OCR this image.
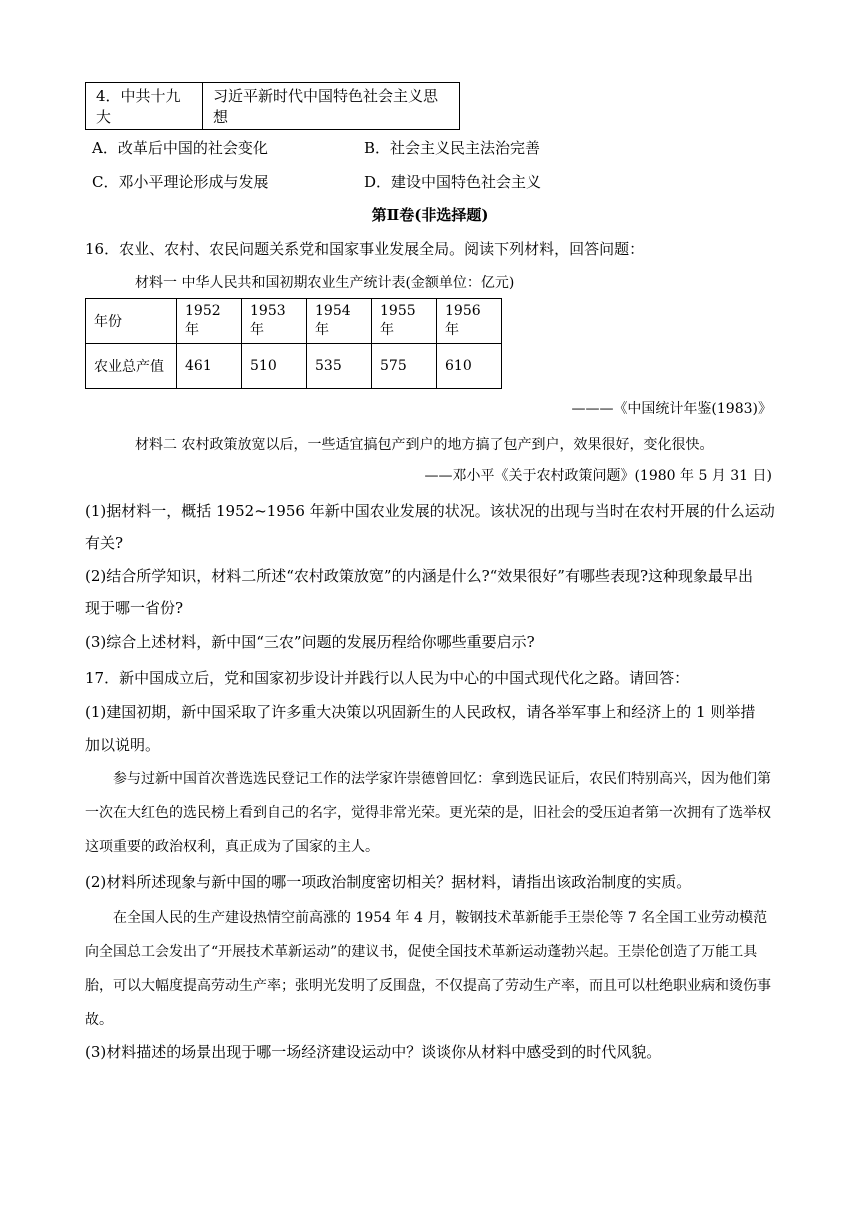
4．中共十九大	习近平新时代中国特色社会主义思想
A．改革后中国的社会变化	B．社会主义民主法治完善
C．邓小平理论形成与发展	D．建设中国特色社会主义
第Ⅱ卷(非选择题)
16．农业、农村、农民问题关系党和国家事业发展全局。阅读下列材料，回答问题：
材料一 中华人民共和国初期农业生产统计表(金额单位：亿元)
年份	1952 年	1953 年	1954 年	1955 年	1956 年
农业总产值	461	510	535	575	610
———《中国统计年鉴(1983)》
材料二 农村政策放宽以后，一些适宜搞包产到户的地方搞了包产到户，效果很好，变化很快。
——邓小平《关于农村政策问题》(1980 年 5 月 31 日)
(1)据材料一，概括 1952~1956 年新中国农业发展的状况。该状况的出现与当时在农村开展的什么运动
有关?
(2)结合所学知识，材料二所述“农村政策放宽”的内涵是什么?“效果很好”有哪些表现?这种现象最早出
现于哪一省份?
(3)综合上述材料，新中国“三农”问题的发展历程给你哪些重要启示?
17．新中国成立后，党和国家初步设计并践行以人民为中心的中国式现代化之路。请回答：
(1)建国初期，新中国采取了许多重大决策以巩固新生的人民政权，请各举军事上和经济上的 1 则举措
加以说明。
参与过新中国首次普选选民登记工作的法学家许崇德曾回忆：拿到选民证后，农民们特别高兴，因为他们第一次在大红色的选民榜上看到自己的名字，觉得非常光荣。更光荣的是，旧社会的受压迫者第一次拥有了选举权这项重要的政治权利，真正成为了国家的主人。
(2)材料所述现象与新中国的哪一项政治制度密切相关？据材料，请指出该政治制度的实质。
在全国人民的生产建设热情空前高涨的 1954 年 4 月，鞍钢技术革新能手王崇伦等 7 名全国工业劳动模范向全国总工会发出了“开展技术革新运动”的建议书，促使全国技术革新运动蓬勃兴起。王崇伦创造了万能工具胎，可以大幅度提高劳动生产率；张明光发明了反围盘，不仅提高了劳动生产率，而且可以杜绝职业病和烫伤事故。
(3)材料描述的场景出现于哪一场经济建设运动中？谈谈你从材料中感受到的时代风貌。
